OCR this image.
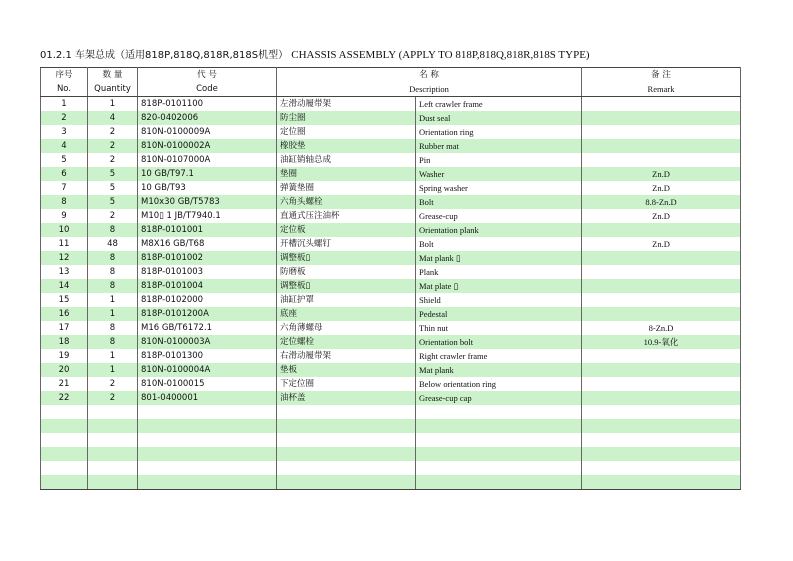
01.2.1 车架总成（适用818P,818Q,818R,818S机型） CHASSIS ASSEMBLY (APPLY TO 818P,818Q,818R,818S TYPE)
序号	数 量	代 号	名 称		备 注
No.	Quantity	Code	Description		Remark
1	1	818P-0101100	左滑动履带架	Left crawler frame	
2	4	820-0402006	防尘圈	Dust seal	
3	2	810N-0100009A	定位圈	Orientation ring	
4	2	810N-0100002A	橡胶垫	Rubber mat	
5	2	810N-0107000A	油缸销轴总成	Pin	
6	5	10 GB/T97.1	垫圈	Washer	Zn.D
7	5	10 GB/T93	弹簧垫圈	Spring washer	Zn.D
8	5	M10x30 GB/T5783	六角头螺栓	Bolt	8.8-Zn.D
9	2	M10▯ 1 JB/T7940.1	直通式压注油杯	Grease-cup	Zn.D
10	8	818P-0101001	定位板	Orientation plank	
11	48	M8X16 GB/T68	开槽沉头螺钉	Bolt	Zn.D
12	8	818P-0101002	调整板▯	Mat plank ▯	
13	8	818P-0101003	防磨板	Plank	
14	8	818P-0101004	调整板▯	Mat plate ▯	
15	1	818P-0102000	油缸护罩	Shield	
16	1	818P-0101200A	底座	Pedestal	
17	8	M16 GB/T6172.1	六角薄螺母	Thin nut	8-Zn.D
18	8	810N-0100003A	定位螺栓	Orientation bolt	10.9-氧化
19	1	818P-0101300	右滑动履带架	Right crawler frame	
20	1	810N-0100004A	垫板	Mat plank	
21	2	810N-0100015	下定位圈	Below orientation ring	
22	2	801-0400001	油杯盖	Grease-cup cap	
